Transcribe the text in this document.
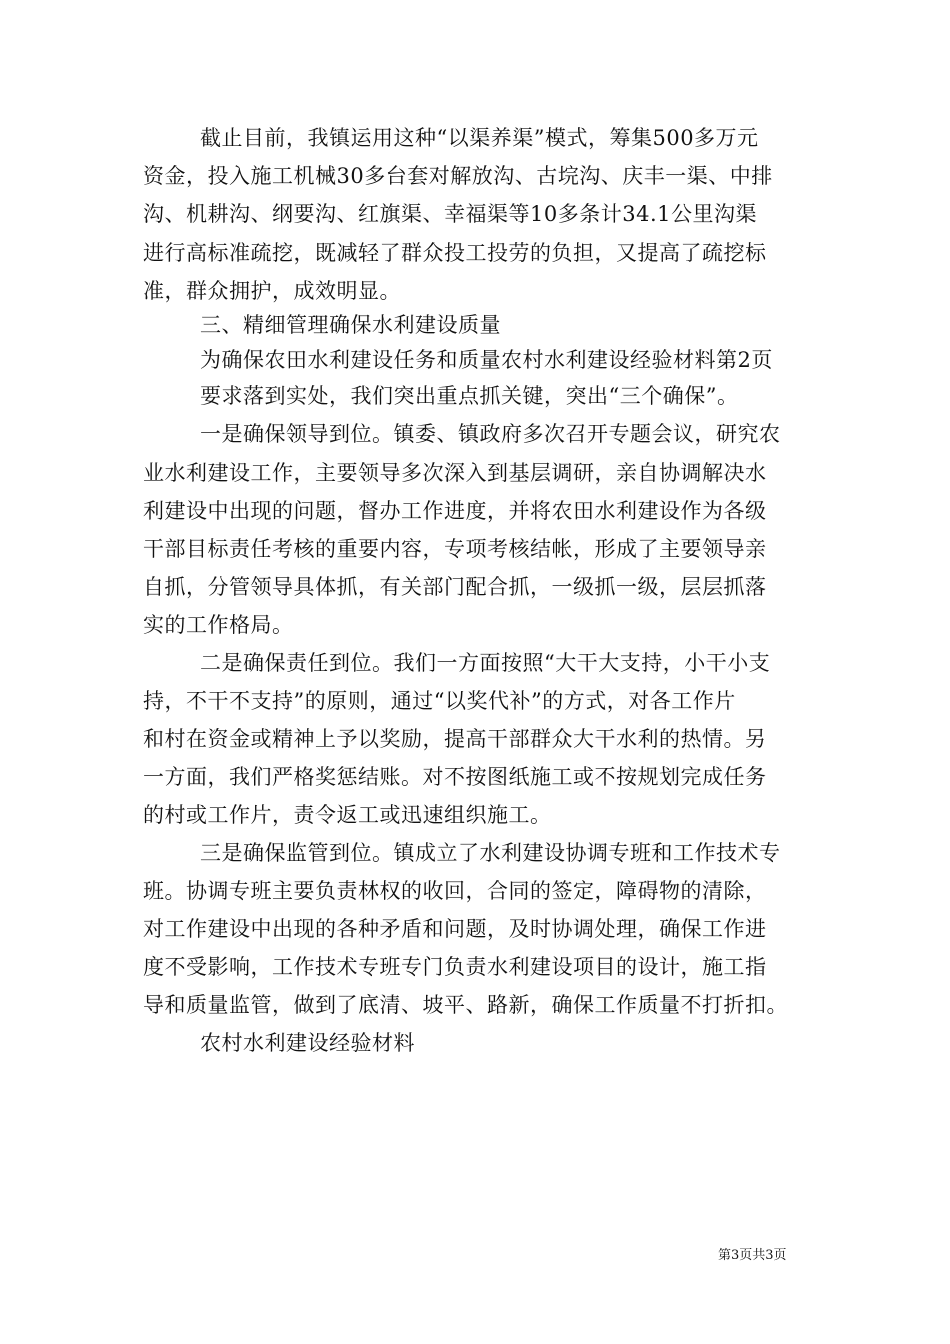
截止目前，我镇运用这种“以渠养渠”模式，筹集500多万元
资金，投入施工机械30多台套对解放沟、古垸沟、庆丰一渠、中排
沟、机耕沟、纲要沟、红旗渠、幸福渠等10多条计34.1公里沟渠
进行高标准疏挖，既减轻了群众投工投劳的负担，又提高了疏挖标
准，群众拥护，成效明显。
三、精细管理确保水利建设质量
为确保农田水利建设任务和质量农村水利建设经验材料第2页
要求落到实处，我们突出重点抓关键，突出“三个确保”。
一是确保领导到位。镇委、镇政府多次召开专题会议，研究农
业水利建设工作，主要领导多次深入到基层调研，亲自协调解决水
利建设中出现的问题，督办工作进度，并将农田水利建设作为各级
干部目标责任考核的重要内容，专项考核结帐，形成了主要领导亲
自抓，分管领导具体抓，有关部门配合抓，一级抓一级，层层抓落
实的工作格局。
二是确保责任到位。我们一方面按照“大干大支持，小干小支
持，不干不支持”的原则，通过“以奖代补”的方式，对各工作片
和村在资金或精神上予以奖励，提高干部群众大干水利的热情。另
一方面，我们严格奖惩结账。对不按图纸施工或不按规划完成任务
的村或工作片，责令返工或迅速组织施工。
三是确保监管到位。镇成立了水利建设协调专班和工作技术专
班。协调专班主要负责林权的收回，合同的签定，障碍物的清除，
对工作建设中出现的各种矛盾和问题，及时协调处理，确保工作进
度不受影响，工作技术专班专门负责水利建设项目的设计，施工指
导和质量监管，做到了底清、坡平、路新，确保工作质量不打折扣。
农村水利建设经验材料
第3页共3页
